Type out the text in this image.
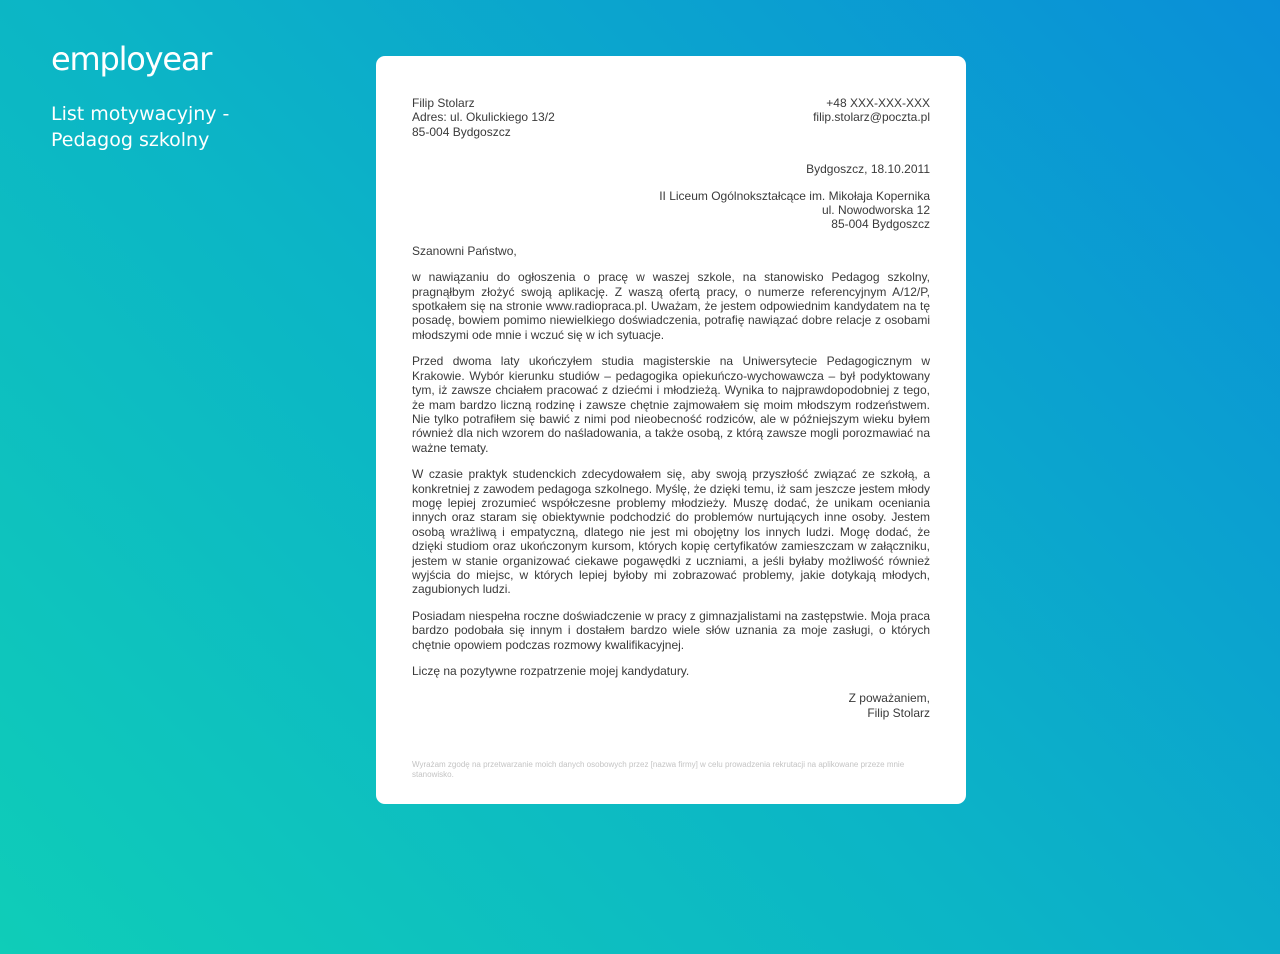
employear
List motywacyjny -
Pedagog szkolny
Filip Stolarz
Adres: ul. Okulickiego 13/2
85-004 Bydgoszcz
+48 XXX-XXX-XXX
filip.stolarz@poczta.pl
Bydgoszcz, 18.10.2011
II Liceum Ogólnokształcące im. Mikołaja Kopernika
ul. Nowodworska 12
85-004 Bydgoszcz
Szanowni Państwo,

w nawiązaniu do ogłoszenia o pracę w waszej szkole, na stanowisko Pedagog szkolny, pragnąłbym złożyć swoją aplikację. Z waszą ofertą pracy, o numerze referencyjnym A/12/P, spotkałem się na stronie www.radiopraca.pl. Uważam, że jestem odpowiednim kandydatem na tę posadę, bowiem pomimo niewielkiego doświadczenia, potrafię nawiązać dobre relacje z osobami młodszymi ode mnie i wczuć się w ich sytuacje.

Przed dwoma laty ukończyłem studia magisterskie na Uniwersytecie Pedagogicznym w Krakowie. Wybór kierunku studiów – pedagogika opiekuńczo-wychowawcza – był podyktowany tym, iż zawsze chciałem pracować z dziećmi i młodzieżą. Wynika to najprawdopodobniej z tego, że mam bardzo liczną rodzinę i zawsze chętnie zajmowałem się moim młodszym rodzeństwem. Nie tylko potrafiłem się bawić z nimi pod nieobecność rodziców, ale w późniejszym wieku byłem również dla nich wzorem do naśladowania, a także osobą, z którą zawsze mogli porozmawiać na ważne tematy.

W czasie praktyk studenckich zdecydowałem się, aby swoją przyszłość związać ze szkołą, a konkretniej z zawodem pedagoga szkolnego. Myślę, że dzięki temu, iż sam jeszcze jestem młody mogę lepiej zrozumieć współczesne problemy młodzieży. Muszę dodać, że unikam oceniania innych oraz staram się obiektywnie podchodzić do problemów nurtujących inne osoby. Jestem osobą wrażliwą i empatyczną, dlatego nie jest mi obojętny los innych ludzi. Mogę dodać, że dzięki studiom oraz ukończonym kursom, których kopię certyfikatów zamieszczam w załączniku, jestem w stanie organizować ciekawe pogawędki z uczniami, a jeśli byłaby możliwość również wyjścia do miejsc, w których lepiej byłoby mi zobrazować problemy, jakie dotykają młodych, zagubionych ludzi.

Posiadam niespełna roczne doświadczenie w pracy z gimnazjalistami na zastępstwie. Moja praca bardzo podobała się innym i dostałem bardzo wiele słów uznania za moje zasługi, o których chętnie opowiem podczas rozmowy kwalifikacyjnej.

Liczę na pozytywne rozpatrzenie mojej kandydatury.

Z poważaniem,
Filip Stolarz
Wyrażam zgodę na przetwarzanie moich danych osobowych przez [nazwa firmy] w celu prowadzenia rekrutacji na aplikowane przeze mnie stanowisko.
